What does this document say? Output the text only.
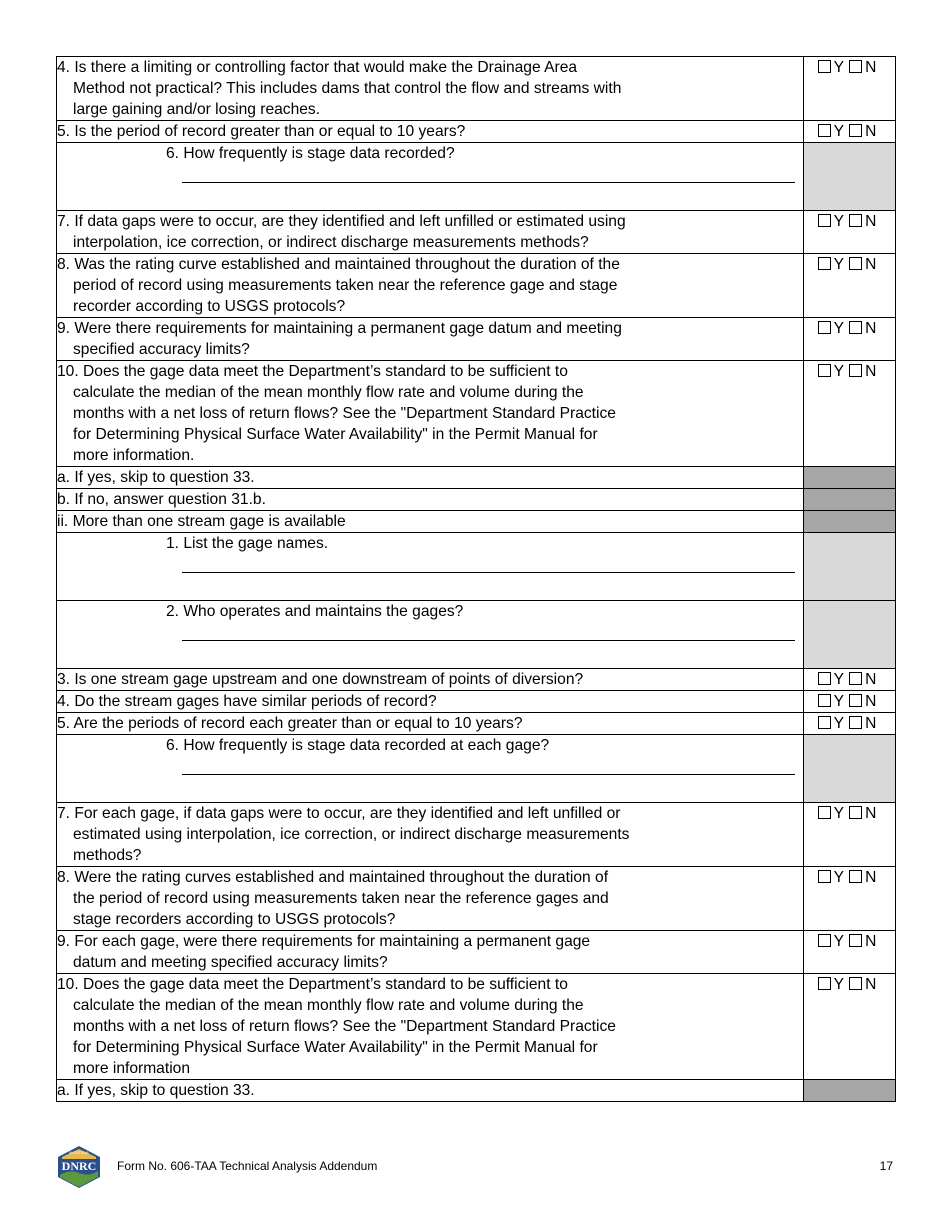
4. Is there a limiting or controlling factor that would make the Drainage Area
Method not practical? This includes dams that control the flow and streams with
large gaining and/or losing reaches.	Y N

5. Is the period of record greater than or equal to 10 years?	Y N

6. How frequently is stage data recorded?	

7. If data gaps were to occur, are they identified and left unfilled or estimated using
interpolation, ice correction, or indirect discharge measurements methods?	Y N

8. Was the rating curve established and maintained throughout the duration of the
period of record using measurements taken near the reference gage and stage
recorder according to USGS protocols?	Y N

9. Were there requirements for maintaining a permanent gage datum and meeting
specified accuracy limits?	Y N

10. Does the gage data meet the Department’s standard to be sufficient to
calculate the median of the mean monthly flow rate and volume during the
months with a net loss of return flows? See the "Department Standard Practice
for Determining Physical Surface Water Availability" in the Permit Manual for
more information.	Y N

a. If yes, skip to question 33.	

b. If no, answer question 31.b.	

ii. More than one stream gage is available	

1. List the gage names.	

2. Who operates and maintains the gages?	

3. Is one stream gage upstream and one downstream of points of diversion?	Y N

4. Do the stream gages have similar periods of record?	Y N

5. Are the periods of record each greater than or equal to 10 years?	Y N

6. How frequently is stage data recorded at each gage?	

7. For each gage, if data gaps were to occur, are they identified and left unfilled or
estimated using interpolation, ice correction, or indirect discharge measurements
methods?	Y N

8. Were the rating curves established and maintained throughout the duration of
the period of record using measurements taken near the reference gages and
stage recorders according to USGS protocols?	Y N

9. For each gage, were there requirements for maintaining a permanent gage
datum and meeting specified accuracy limits?	Y N

10. Does the gage data meet the Department’s standard to be sufficient to
calculate the median of the mean monthly flow rate and volume during the
months with a net loss of return flows? See the "Department Standard Practice
for Determining Physical Surface Water Availability" in the Permit Manual for
more information	Y N

a. If yes, skip to question 33.	

MONTANA
DNRC Form No. 606-TAA Technical Analysis Addendum	17
